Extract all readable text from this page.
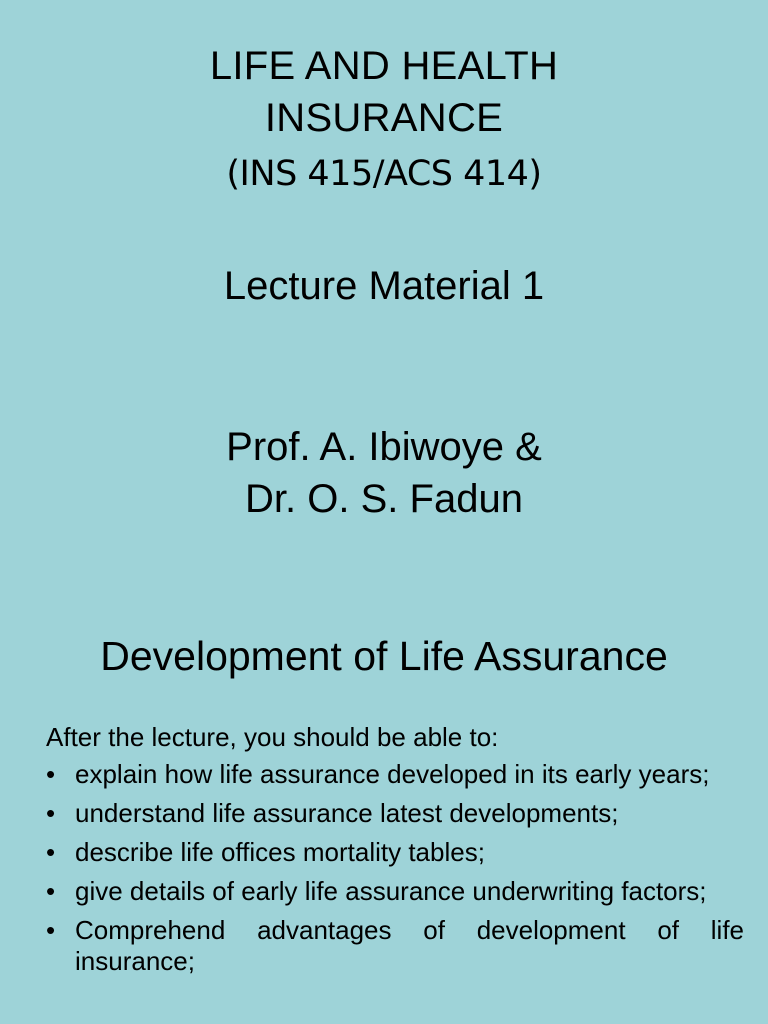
LIFE AND HEALTH
INSURANCE
(INS 415/ACS 414)
Lecture Material 1
Prof. A. Ibiwoye &
Dr. O. S. Fadun
Development of Life Assurance
After the lecture, you should be able to:
• explain how life assurance developed in its early years;
• understand life assurance latest developments;
• describe life offices mortality tables;
• give details of early life assurance underwriting factors;
• Comprehend advantages of development of life insurance;
